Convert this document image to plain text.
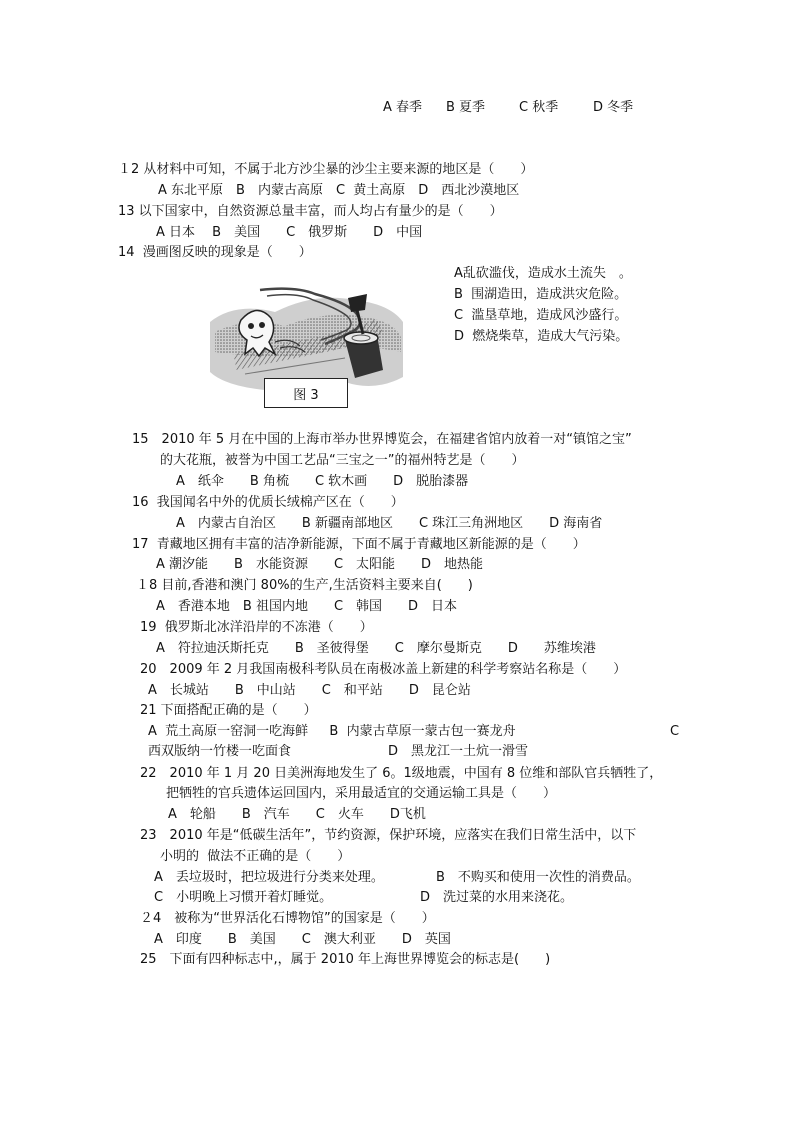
A 春季 B 夏季	C 秋季	D 冬季
１2 从材料中可知，不属于北方沙尘暴的沙尘主要来源的地区是（　　）
A 东北平原　B　内蒙古高原　C  黄土高原　D　西北沙漠地区
13 以下国家中，自然资源总量丰富，而人均占有量少的是（　　）
A 日本　 B　美国　　C　俄罗斯　　D　中国
14  漫画图反映的现象是（　　）
A乱砍滥伐，造成水土流失　。
B  围湖造田，造成洪灾危险。
C  滥垦草地，造成风沙盛行。
D  燃烧柴草，造成大气污染。
图 3
15　2010 年 5 月在中国的上海市举办世界博览会，在福建省馆内放着一对“镇馆之宝”
的大花瓶，被誉为中国工艺品“三宝之一”的福州特艺是（　　）
A　纸伞　　B 角梳　　C 软木画　　D　脱胎漆器
16  我国闻名中外的优质长绒棉产区在（　　）
A　内蒙古自治区　　B 新疆南部地区　　C 珠江三角洲地区　　D 海南省
17  青藏地区拥有丰富的洁净新能源，下面不属于青藏地区新能源的是（　　）
A 潮汐能　　B　水能资源　　C　太阳能　　D　地热能
１8 目前,香港和澳门 80%的生产,生活资料主要来自(　　)
A　香港本地　B 祖国内地　　C　韩国　　D　日本
19  俄罗斯北冰洋沿岸的不冻港（　　）
A　符拉迪沃斯托克　　B　圣彼得堡　　C　摩尔曼斯克　　D　　苏维埃港
20　2009 年 2 月我国南极科考队员在南极冰盖上新建的科学考察站名称是（　　）
A　长城站　　B　中山站　　C　和平站　　D　昆仑站
21 下面搭配正确的是（　　）
A  荒土高原一窑洞一吃海鲜　  B  内蒙古草原一蒙古包一赛龙舟	C
西双版纳一竹楼一吃面食	D　黑龙江一土炕一滑雪
22　2010 年 1 月 20 日美洲海地发生了 6。1级地震，中国有 8 位维和部队官兵牺牲了，
把牺牲的官兵遗体运回国内，采用最适宜的交通运输工具是（　　）
A　轮船　　B　汽车　　C　火车　　D飞机
23　2010 年是“低碳生活年”，节约资源，保护环境，应落实在我们日常生活中，以下
小明的  做法不正确的是（　　）
A　丢垃圾时，把垃圾进行分类来处理。	B　不购买和使用一次性的消费品。
C　小明晚上习惯开着灯睡觉。	D　洗过菜的水用来浇花。
２4　被称为“世界活化石博物馆”的国家是（　　）
A　印度　　B　美国　　C　澳大利亚　　D　英国
25　下面有四种标志中,，属于 2010 年上海世界博览会的标志是(　　)
